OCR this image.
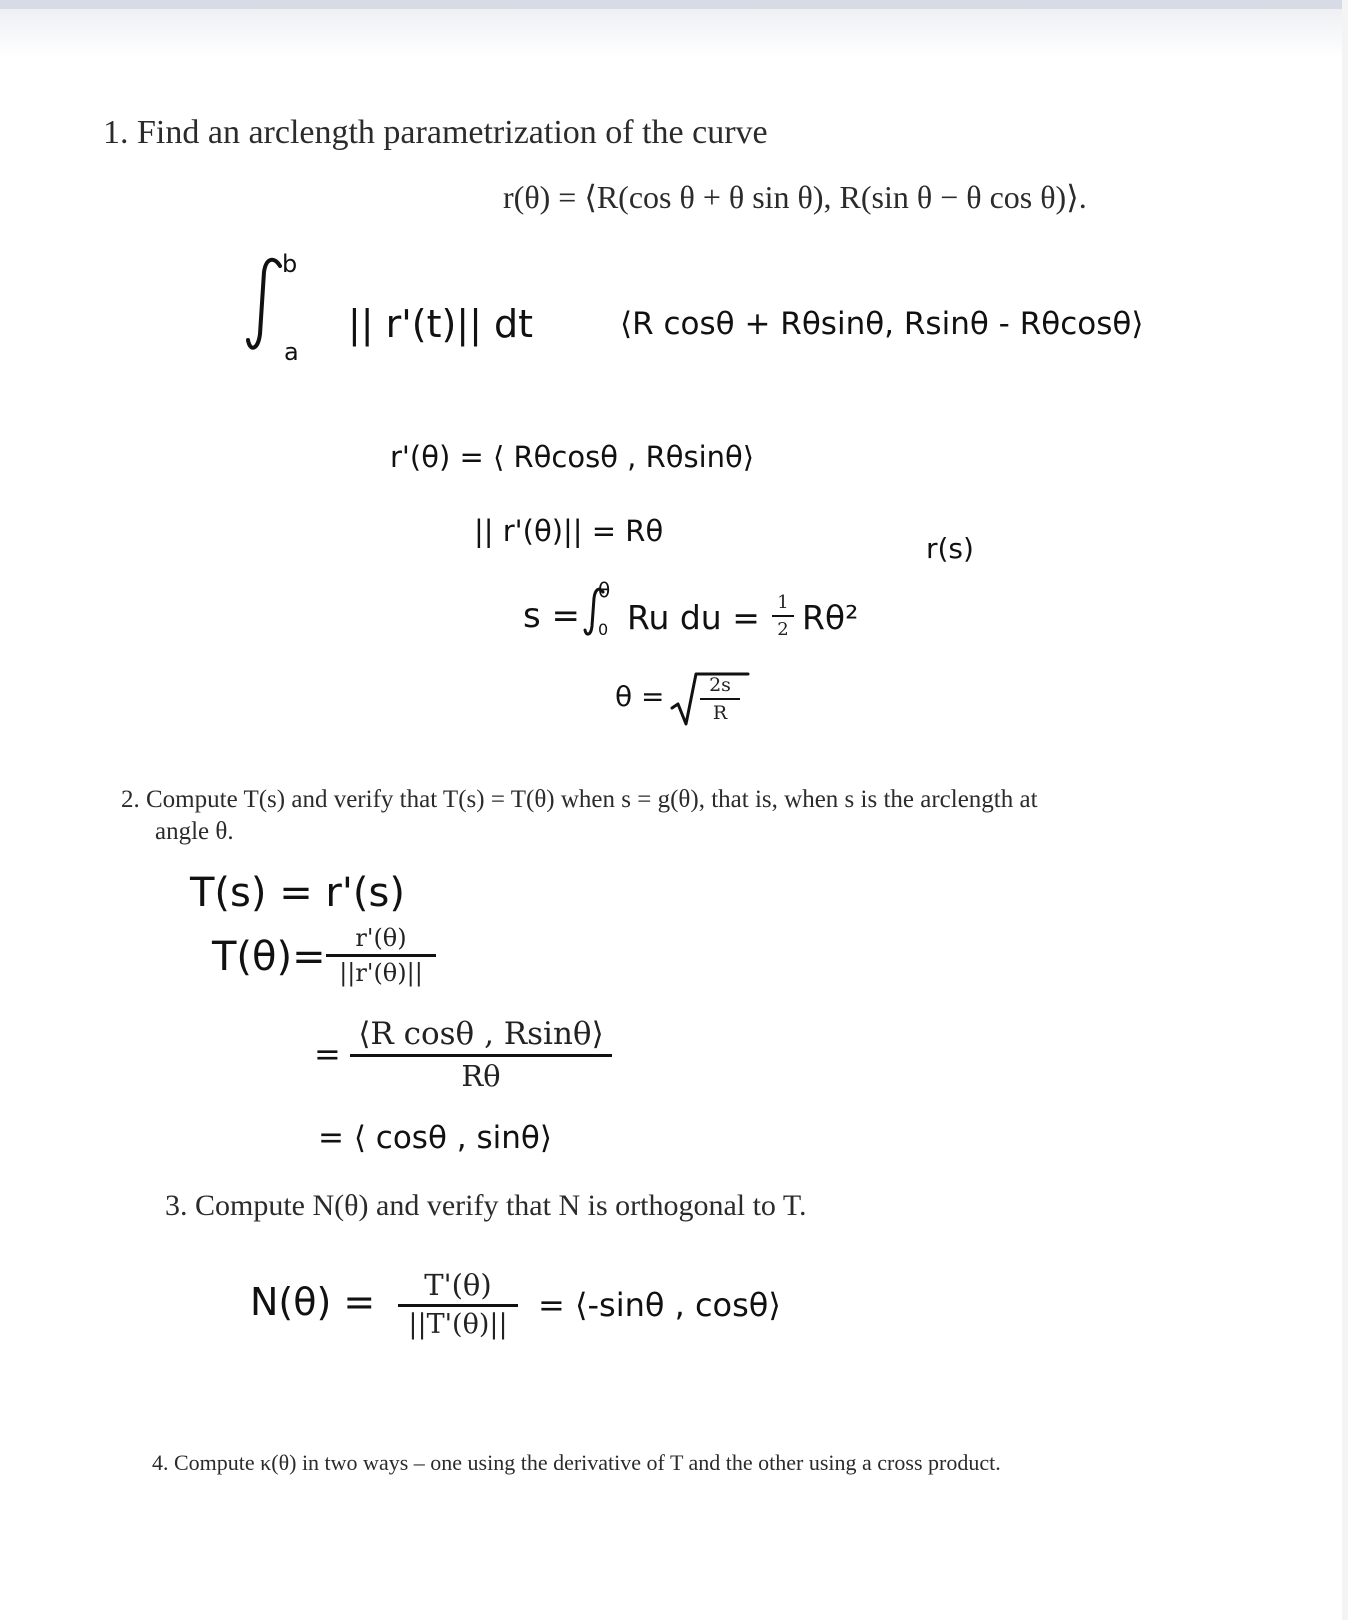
1. Find an arclength parametrization of the curve
r(θ) = ⟨R(cos θ + θ sin θ), R(sin θ − θ cos θ)⟩.
b
a
|| r'(t)|| dt	⟨R cosθ + Rθsinθ, Rsinθ - Rθcosθ⟩
r'(θ) = ⟨ Rθcosθ , Rθsinθ⟩
|| r'(θ)|| = Rθ
r(s)
s =
θ
0 Ru du = 1
2 Rθ²
θ = 2s
R
2. Compute T(s) and verify that T(s) = T(θ) when s = g(θ), that is, when s is the arclength at
angle θ.
T(s) = r'(s)
T(θ)= r'(θ)
||r'(θ)||
=
⟨R cosθ , Rsinθ⟩
Rθ
= ⟨ cosθ , sinθ⟩
3. Compute N(θ) and verify that N is orthogonal to T.
N(θ) = T'(θ)
||T'(θ)||
= ⟨-sinθ , cosθ⟩
4. Compute κ(θ) in two ways – one using the derivative of T and the other using a cross product.
